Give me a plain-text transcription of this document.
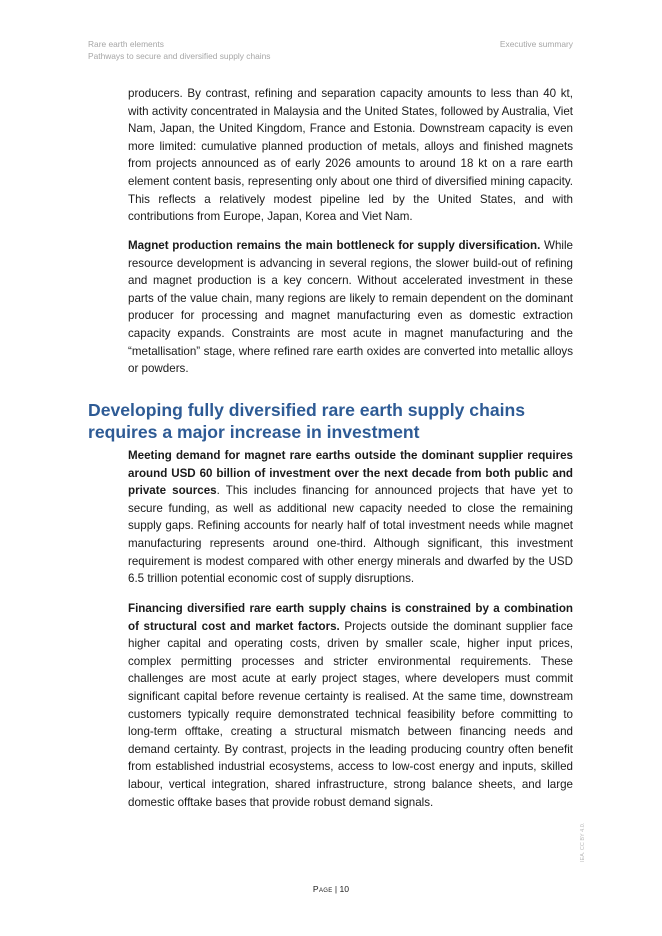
Rare earth elements
Pathways to secure and diversified supply chains
Executive summary

producers. By contrast, refining and separation capacity amounts to less than 40 kt, with activity concentrated in Malaysia and the United States, followed by Australia, Viet Nam, Japan, the United Kingdom, France and Estonia. Downstream capacity is even more limited: cumulative planned production of metals, alloys and finished magnets from projects announced as of early 2026 amounts to around 18 kt on a rare earth element content basis, representing only about one third of diversified mining capacity. This reflects a relatively modest pipeline led by the United States, and with contributions from Europe, Japan, Korea and Viet Nam.

Magnet production remains the main bottleneck for supply diversification. While resource development is advancing in several regions, the slower build-out of refining and magnet production is a key concern. Without accelerated investment in these parts of the value chain, many regions are likely to remain dependent on the dominant producer for processing and magnet manufacturing even as domestic extraction capacity expands. Constraints are most acute in magnet manufacturing and the “metallisation” stage, where refined rare earth oxides are converted into metallic alloys or powders.

Developing fully diversified rare earth supply chains requires a major increase in investment

Meeting demand for magnet rare earths outside the dominant supplier requires around USD 60 billion of investment over the next decade from both public and private sources. This includes financing for announced projects that have yet to secure funding, as well as additional new capacity needed to close the remaining supply gaps. Refining accounts for nearly half of total investment needs while magnet manufacturing represents around one-third. Although significant, this investment requirement is modest compared with other energy minerals and dwarfed by the USD 6.5 trillion potential economic cost of supply disruptions.

Financing diversified rare earth supply chains is constrained by a combination of structural cost and market factors. Projects outside the dominant supplier face higher capital and operating costs, driven by smaller scale, higher input prices, complex permitting processes and stricter environmental requirements. These challenges are most acute at early project stages, where developers must commit significant capital before revenue certainty is realised. At the same time, downstream customers typically require demonstrated technical feasibility before committing to long-term offtake, creating a structural mismatch between financing needs and demand certainty. By contrast, projects in the leading producing country often benefit from established industrial ecosystems, access to low-cost energy and inputs, skilled labour, vertical integration, shared infrastructure, strong balance sheets, and large domestic offtake bases that provide robust demand signals.

Page | 10
IEA. CC BY 4.0.
